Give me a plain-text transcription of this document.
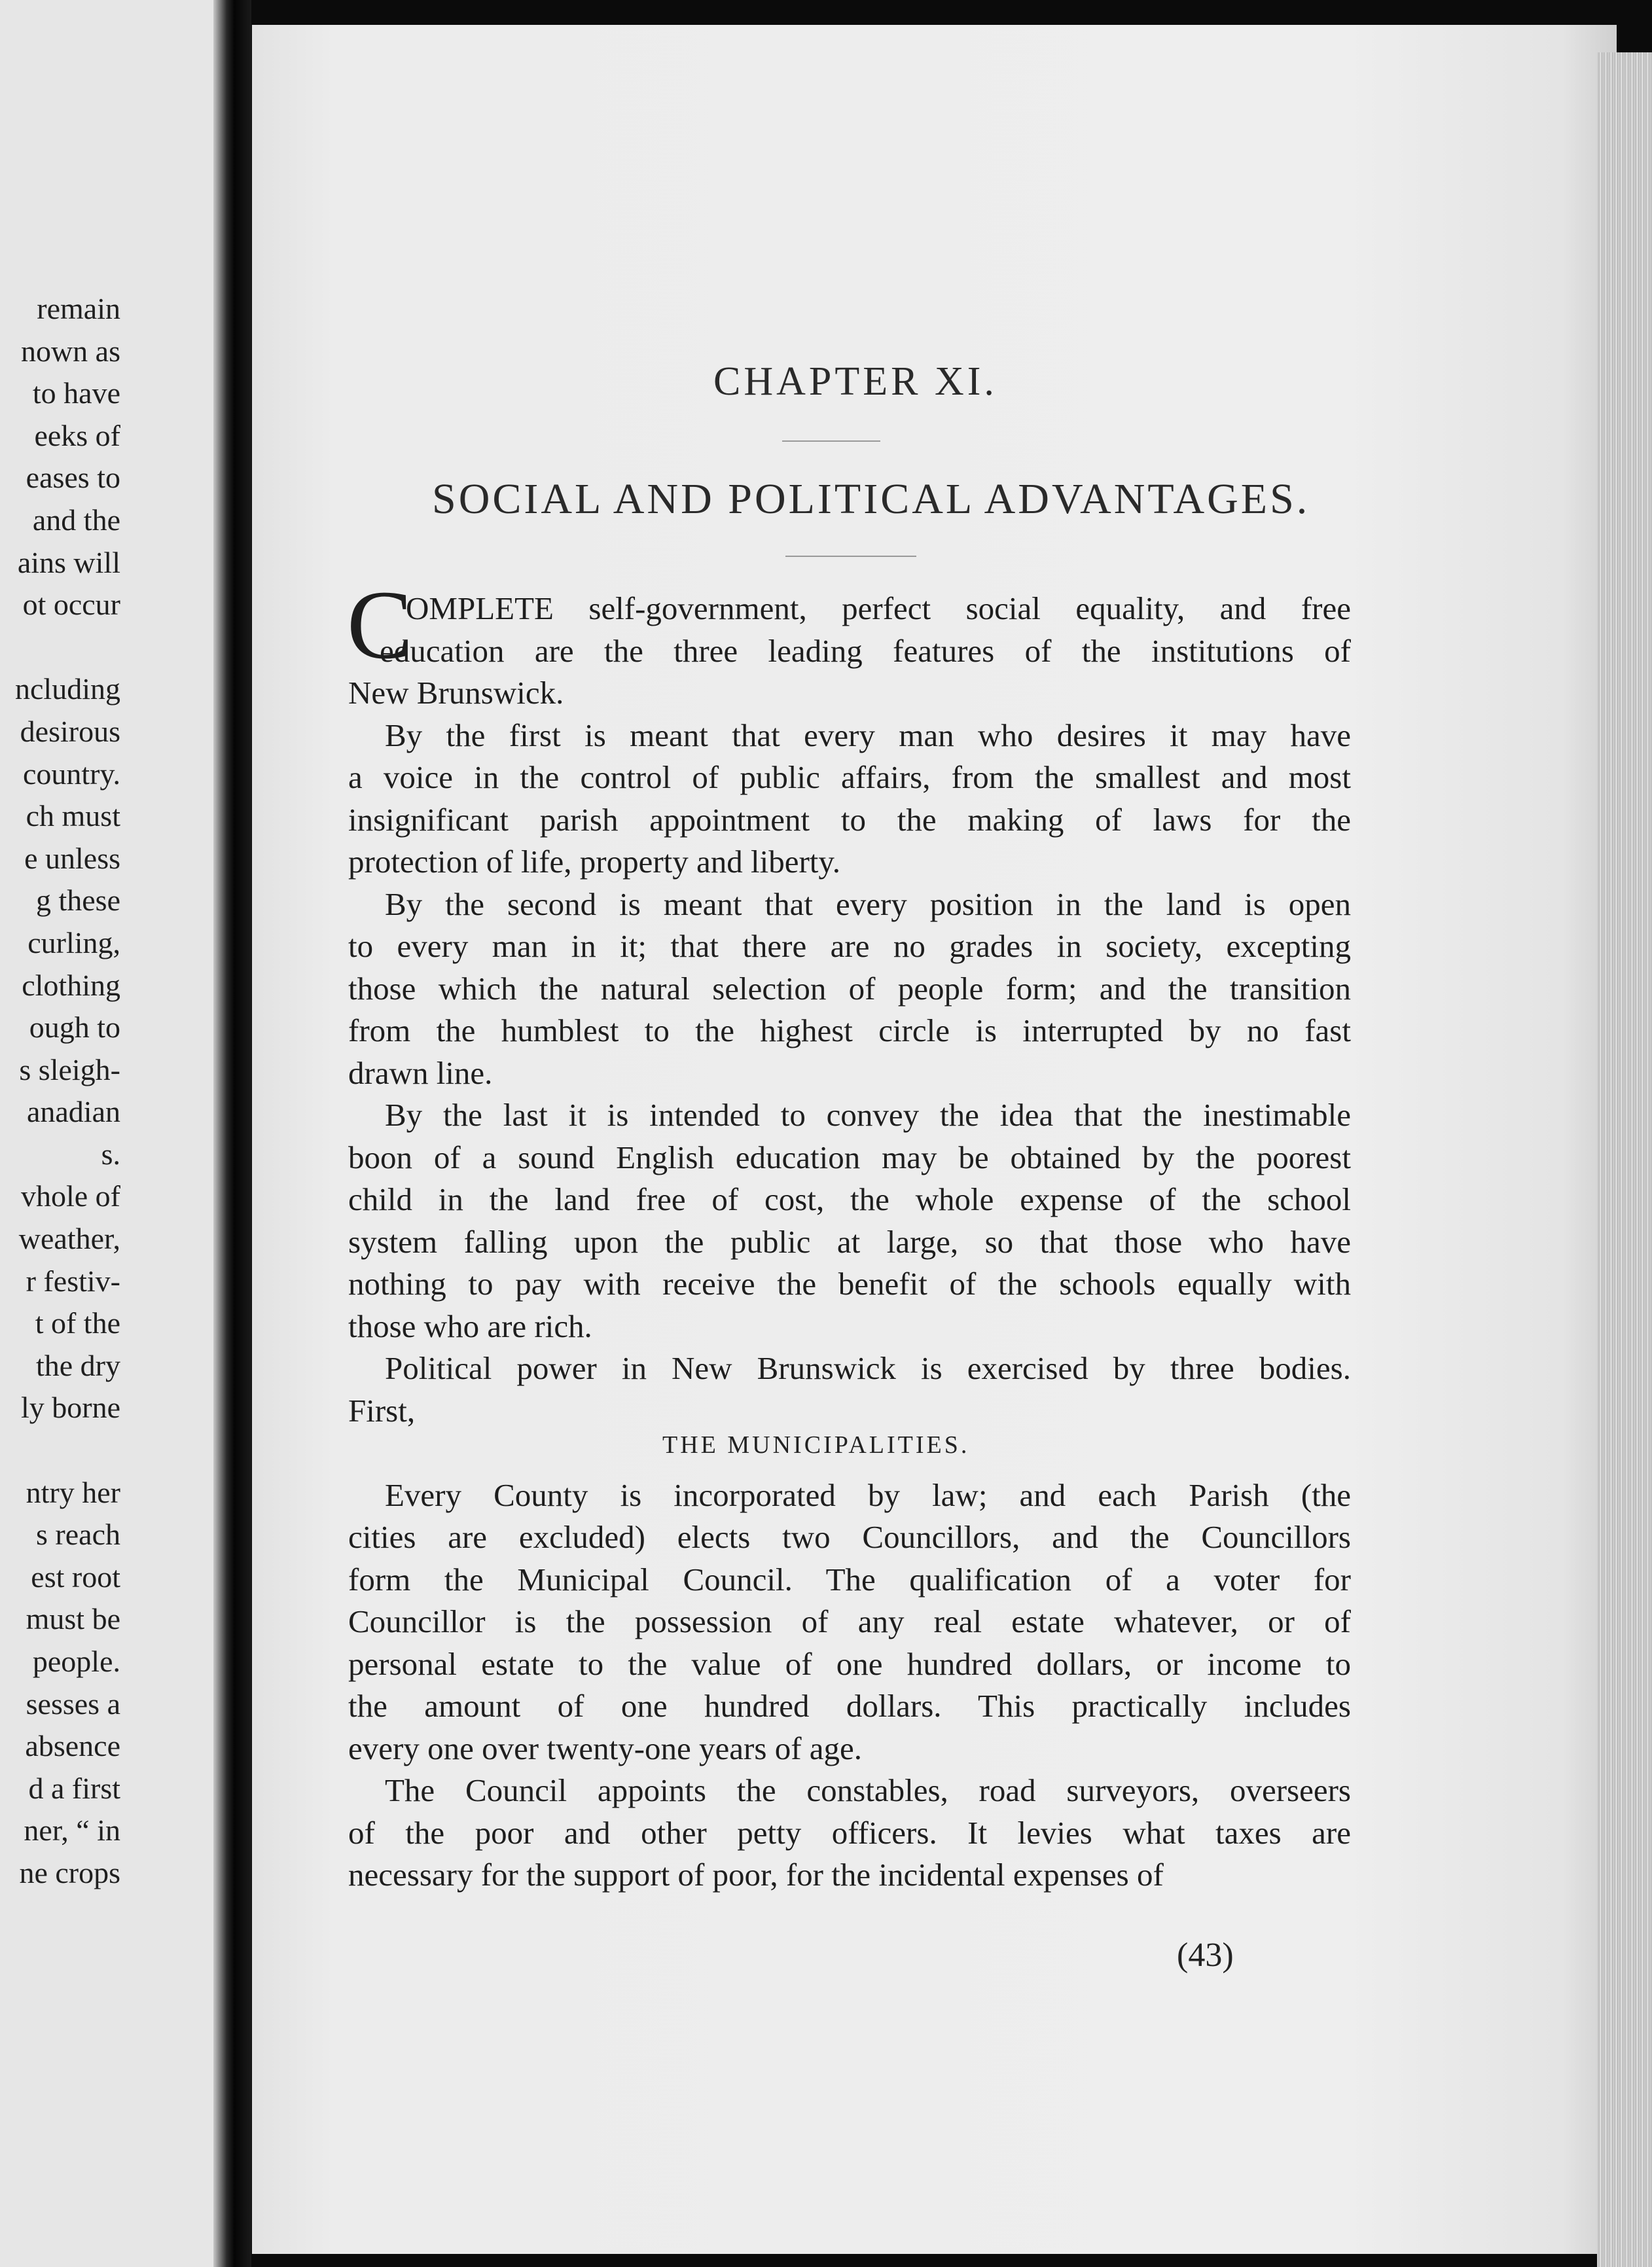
remain
nown as
to have
eeks of
eases to
and the
ains will
ot occur
ncluding
desirous
country.
ch must
e unless
g these
curling,
clothing
ough to
s sleigh-
anadian
s.
vhole of
weather,
r festiv-
t of the
the dry
ly borne
ntry her
s reach
est root
must be
people.
sesses a
absence
d a first
ner, “ in
ne crops
CHAPTER XI.
SOCIAL AND POLITICAL ADVANTAGES.
C
OMPLETE self-government, perfect social equality, and free
education are the three leading features of the institutions of
New Brunswick.
By the first is meant that every man who desires it may have
a voice in the control of public affairs, from the smallest and most
insignificant parish appointment to the making of laws for the
protection of life, property and liberty.
By the second is meant that every position in the land is open
to every man in it; that there are no grades in society, excepting
those which the natural selection of people form; and the transition
from the humblest to the highest circle is interrupted by no fast
drawn line.
By the last it is intended to convey the idea that the inestimable
boon of a sound English education may be obtained by the poorest
child in the land free of cost, the whole expense of the school
system falling upon the public at large, so that those who have
nothing to pay with receive the benefit of the schools equally with
those who are rich.
Political power in New Brunswick is exercised by three bodies.
First,
Every County is incorporated by law; and each Parish (the
cities are excluded) elects two Councillors, and the Councillors
form the Municipal Council. The qualification of a voter for
Councillor is the possession of any real estate whatever, or of
personal estate to the value of one hundred dollars, or income to
the amount of one hundred dollars. This practically includes
every one over twenty-one years of age.
The Council appoints the constables, road surveyors, overseers
of the poor and other petty officers. It levies what taxes are
necessary for the support of poor, for the incidental expenses of
THE MUNICIPALITIES.
(43)
